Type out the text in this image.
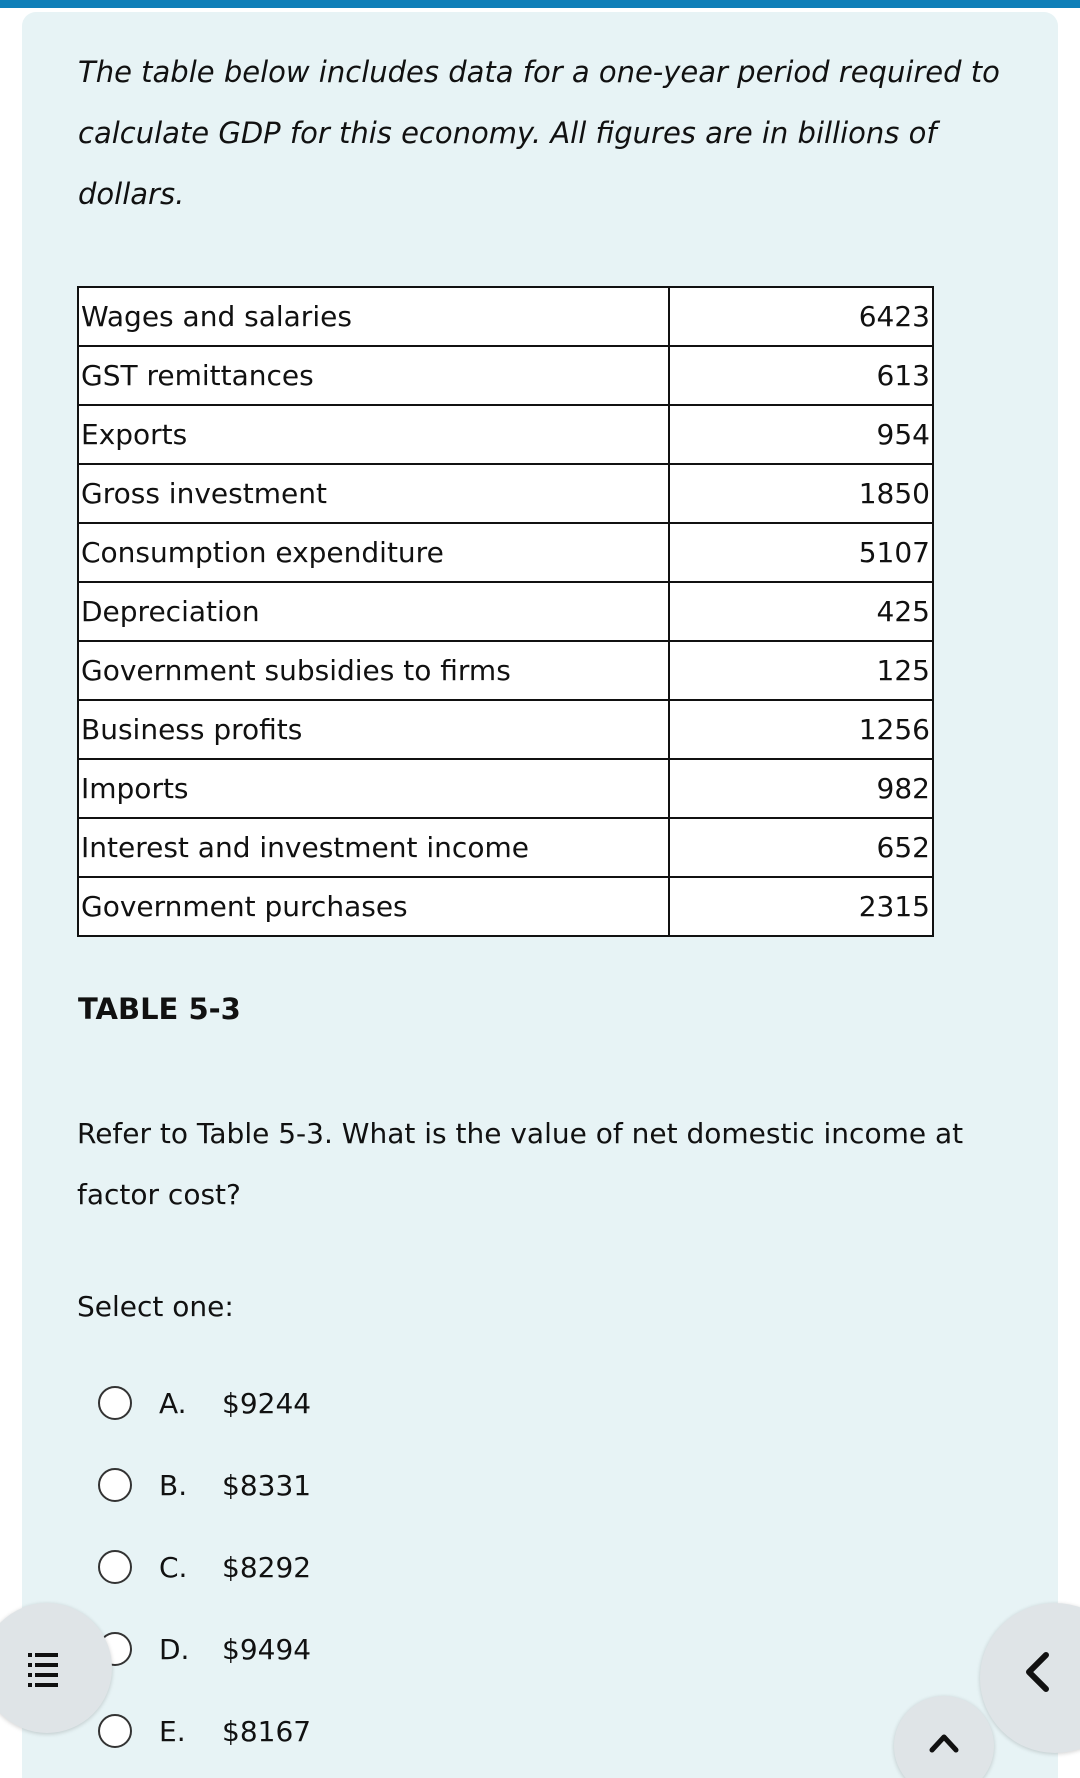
The table below includes data for a one-year period required to calculate GDP for this economy. All figures are in billions of dollars.

Wages and salaries	6423
GST remittances	613
Exports	954
Gross investment	1850
Consumption expenditure	5107
Depreciation	425
Government subsidies to firms	125
Business profits	1256
Imports	982
Interest and investment income	652
Government purchases	2315

TABLE 5-3

Refer to Table 5-3. What is the value of net domestic income at factor cost?

Select one:

A.	$9244
B.	$8331
C.	$8292
D.	$9494
E.	$8167
